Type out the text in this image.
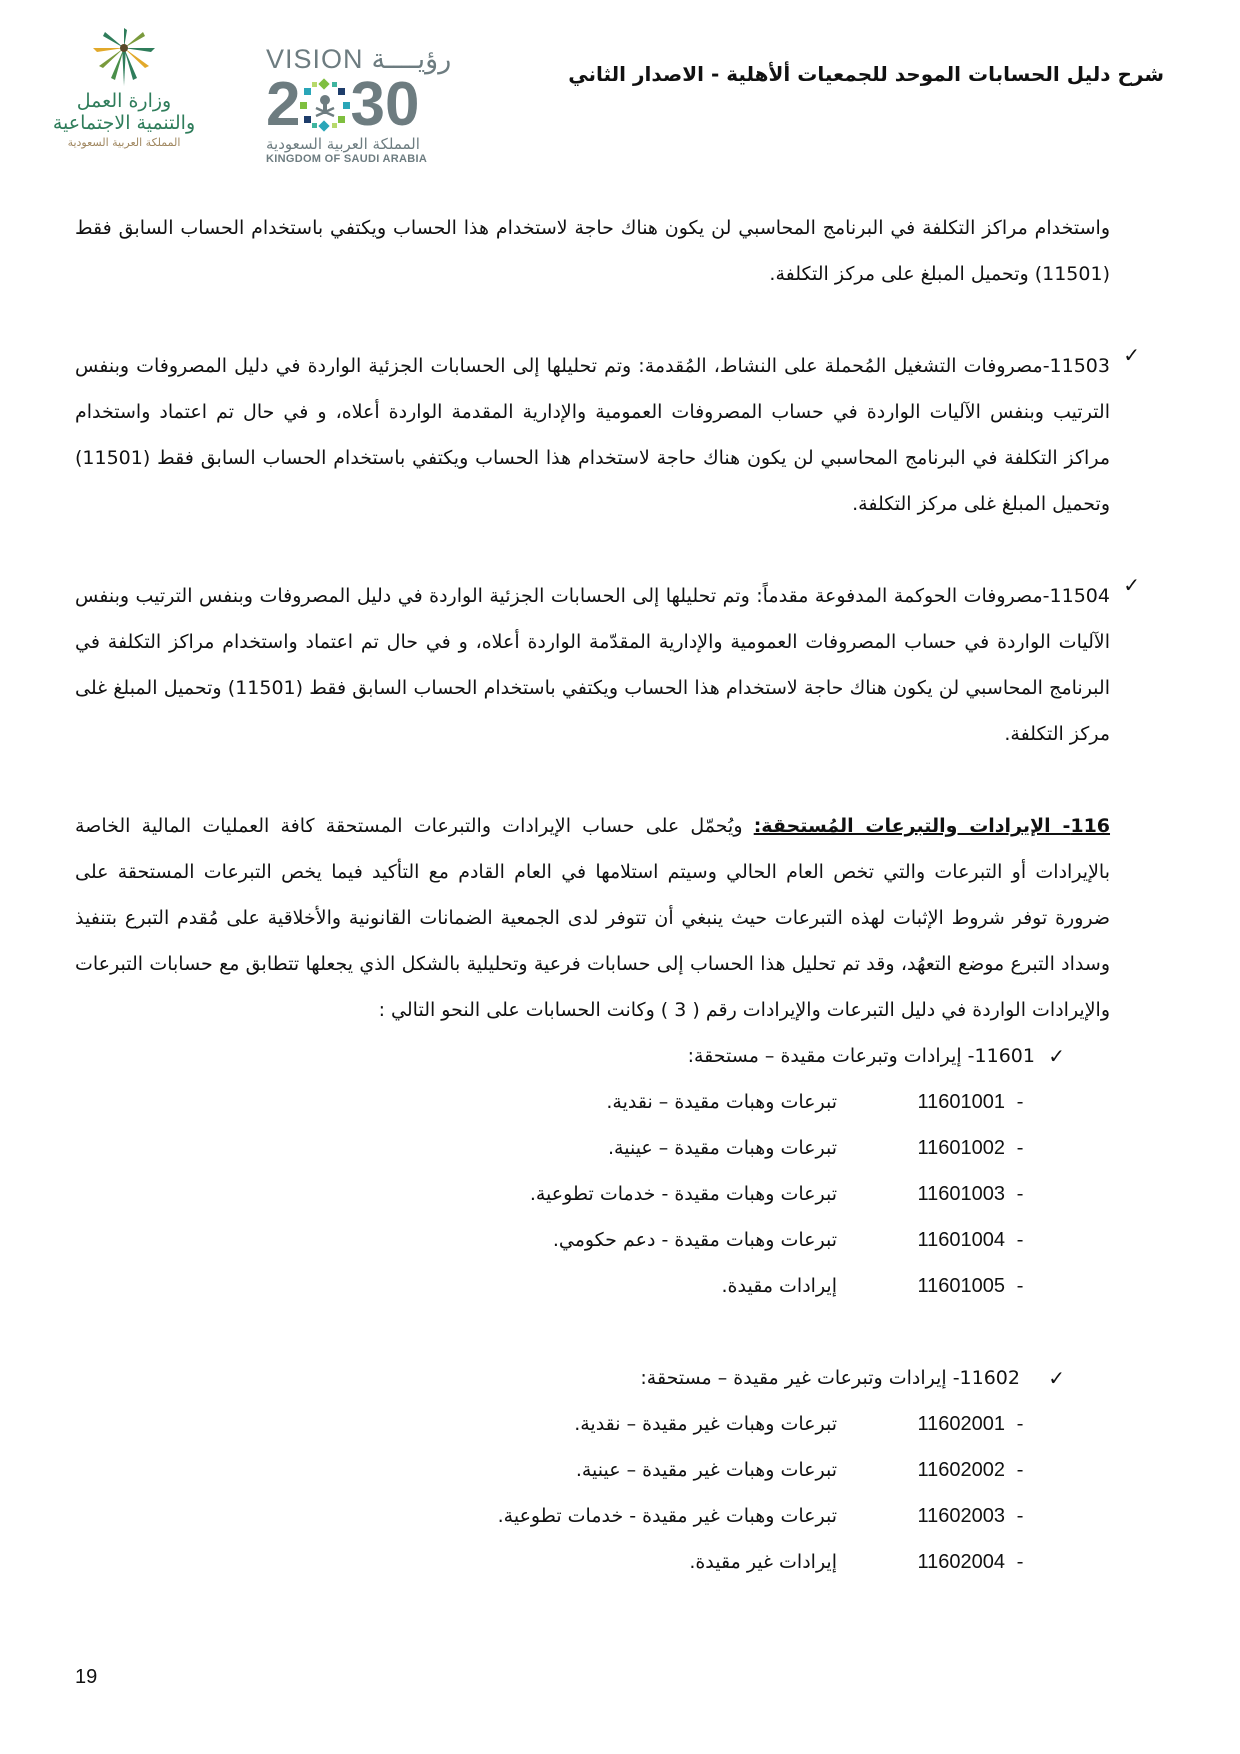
شرح دليل الحسابات الموحد للجمعيات ألأهلية - الاصدار الثاني
وزارة العمل
والتنمية الاجتماعية
المملكة العربية السعودية
VISION رؤيــــة
2 30
المملكة العربية السعودية
KINGDOM OF SAUDI ARABIA

واستخدام مراكز التكلفة في البرنامج المحاسبي لن يكون هناك حاجة لاستخدام هذا الحساب ويكتفي باستخدام الحساب السابق فقط (11501) وتحميل المبلغ على مركز التكلفة.

✓

11503-مصروفات التشغيل المُحملة على النشاط، المُقدمة: وتم تحليلها إلى الحسابات الجزئية الواردة في دليل المصروفات وبنفس الترتيب وبنفس الآليات الواردة في حساب المصروفات العمومية والإدارية المقدمة الواردة أعلاه، و في حال تم اعتماد واستخدام مراكز التكلفة في البرنامج المحاسبي لن يكون هناك حاجة لاستخدام هذا الحساب ويكتفي باستخدام الحساب السابق فقط (11501) وتحميل المبلغ غلى مركز التكلفة.

✓

11504-مصروفات الحوكمة المدفوعة مقدماً: وتم تحليلها إلى الحسابات الجزئية الواردة في دليل المصروفات وبنفس الترتيب وبنفس الآليات الواردة في حساب المصروفات العمومية والإدارية المقدّمة الواردة أعلاه، و في حال تم اعتماد واستخدام مراكز التكلفة في البرنامج المحاسبي لن يكون هناك حاجة لاستخدام هذا الحساب ويكتفي باستخدام الحساب السابق فقط (11501) وتحميل المبلغ غلى مركز التكلفة.

116- الإيرادات والتبرعات المُستحقة: ويُحمّل على حساب الإيرادات والتبرعات المستحقة كافة العمليات المالية الخاصة بالإيرادات أو التبرعات والتي تخص العام الحالي وسيتم استلامها في العام القادم مع التأكيد فيما يخص التبرعات المستحقة على ضرورة توفر شروط الإثبات لهذه التبرعات حيث ينبغي أن تتوفر لدى الجمعية الضمانات القانونية والأخلاقية على مُقدم التبرع بتنفيذ وسداد التبرع موضع التعهُد، وقد تم تحليل هذا الحساب إلى حسابات فرعية وتحليلية بالشكل الذي يجعلها تتطابق مع حسابات التبرعات والإيرادات الواردة في دليل التبرعات والإيرادات رقم ( 3 ) وكانت الحسابات على النحو التالي :

✓
11601- إيرادات وتبرعات مقيدة – مستحقة:
-
11601001
تبرعات وهبات مقيدة – نقدية.
-
11601002
تبرعات وهبات مقيدة – عينية.
-
11601003
تبرعات وهبات مقيدة - خدمات تطوعية.
-
11601004
تبرعات وهبات مقيدة - دعم حكومي.
-
11601005
إيرادات مقيدة.
✓
11602- إيرادات وتبرعات غير مقيدة – مستحقة:
-
11602001
تبرعات وهبات غير مقيدة – نقدية.
-
11602002
تبرعات وهبات غير مقيدة – عينية.
-
11602003
تبرعات وهبات غير مقيدة - خدمات تطوعية.
-
11602004
إيرادات غير مقيدة.
19
